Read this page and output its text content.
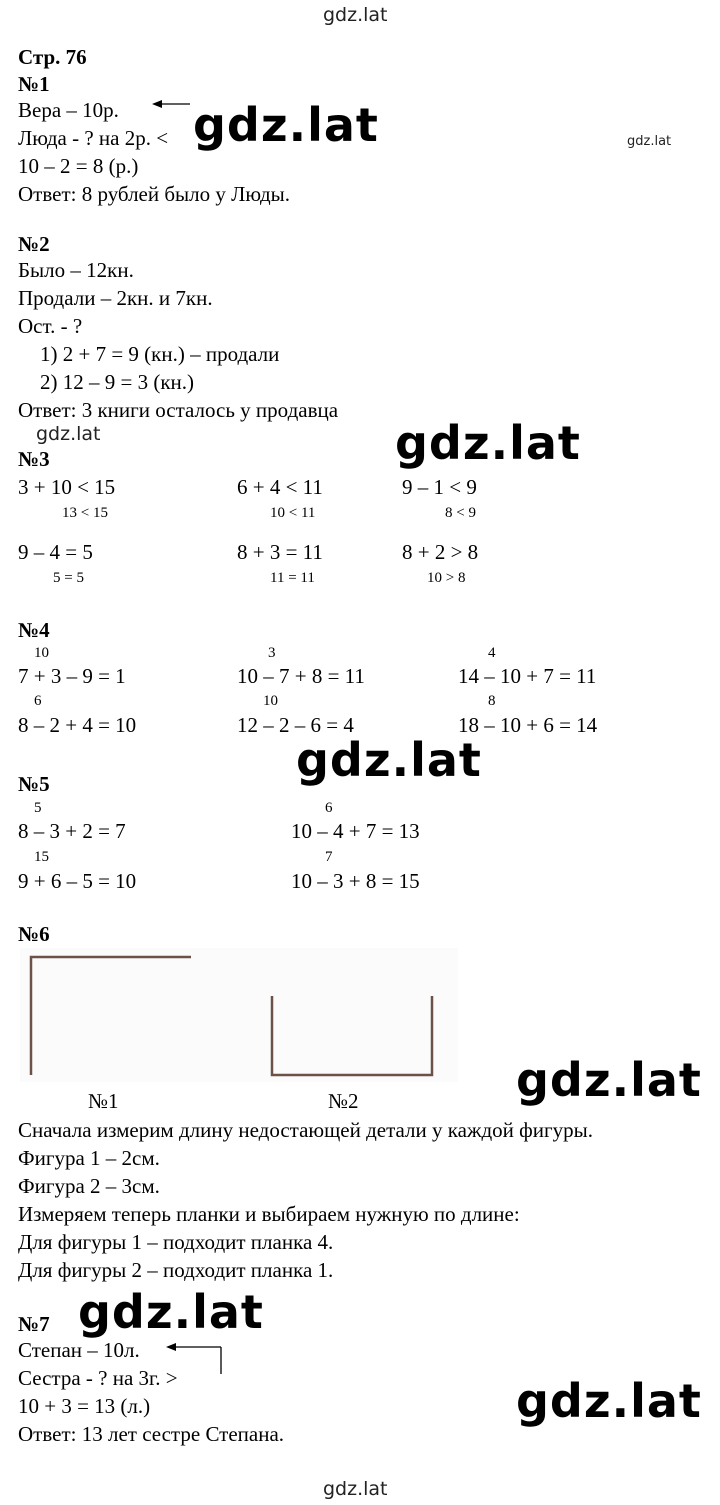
gdz.lat
gdz.lat
gdz.lat
gdz.lat
Стр. 76
№1
Вера – 10р.
Люда - ? на 2р. <
10 – 2 = 8 (р.)
Ответ: 8 рублей было у Люды.
№2
Было – 12кн.
Продали – 2кн. и 7кн.
Ост. - ?
1) 2 + 7 = 9 (кн.) – продали
2) 12 – 9 = 3 (кн.)
Ответ: 3 книги осталось у продавца
№3
3 + 10 < 15
13 < 15
6 + 4 < 11
10 < 11
9 – 1 < 9
8 < 9
9 – 4 = 5
5 = 5
8 + 3 = 11
11 = 11
8 + 2 > 8
10 > 8
№4
10
7 + 3 – 9 = 1
3
10 – 7 + 8 = 11
4
14 – 10 + 7 = 11
6
8 – 2 + 4 = 10
10
12 – 2 – 6 = 4
8
18 – 10 + 6 = 14
№5
5
8 – 3 + 2 = 7
6
10 – 4 + 7 = 13
15
9 + 6 – 5 = 10
7
10 – 3 + 8 = 15
№6
№1	№2
Сначала измерим длину недостающей детали у каждой фигуры.
Фигура 1 – 2см.
Фигура 2 – 3см.
Измеряем теперь планки и выбираем нужную по длине:
Для фигуры 1 – подходит планка 4.
Для фигуры 2 – подходит планка 1.
№7
Степан – 10л.
Сестра - ? на 3г. >
10 + 3 = 13 (л.)
Ответ: 13 лет сестре Степана.
gdz.lat
gdz.lat
gdz.lat
gdz.lat
gdz.lat
gdz.lat
